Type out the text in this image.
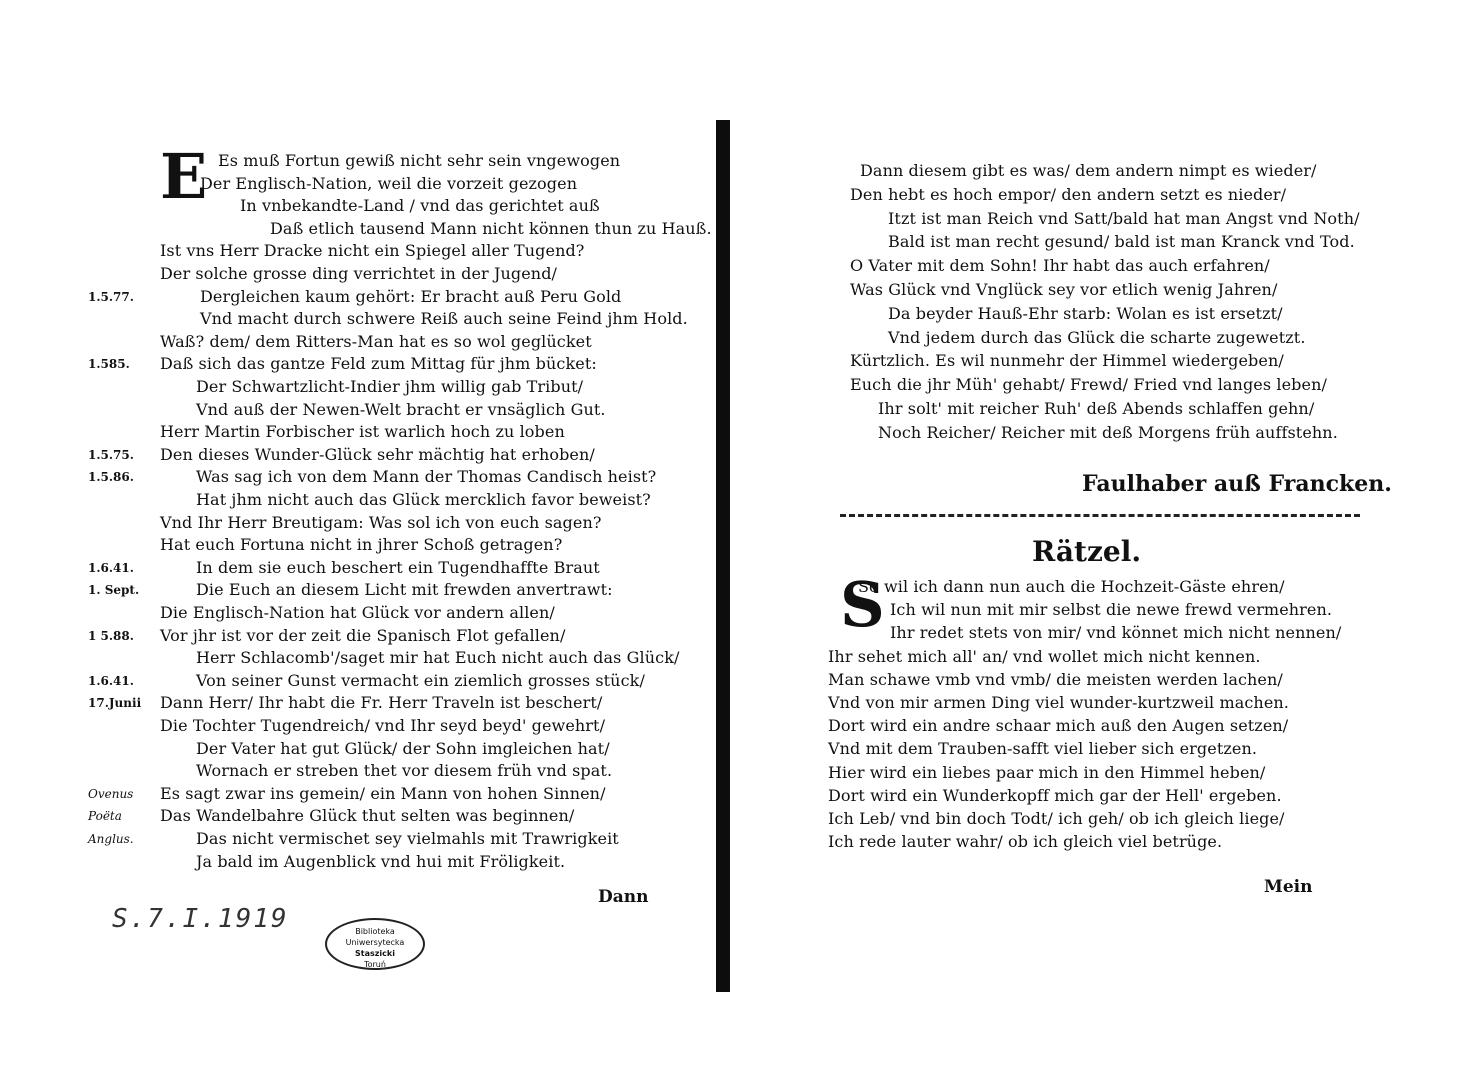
E Es muß Fortun gewiß nicht sehr sein vngewogen
Der Englisch-Nation, weil die vorzeit gezogen
In vnbekandte-Land / vnd das gerichtet auß
Daß etlich tausend Mann nicht können thun zu Hauß.
Ist vns Herr Dracke nicht ein Spiegel aller Tugend?
Der solche grosse ding verrichtet in der Jugend/
Dergleichen kaum gehört: Er bracht auß Peru Gold
1.5.77.
Vnd macht durch schwere Reiß auch seine Feind jhm Hold.
Waß? dem/ dem Ritters-Man hat es so wol geglücket
Daß sich das gantze Feld zum Mittag für jhm bücket:
1.585.
Der Schwartzlicht-Indier jhm willig gab Tribut/
Vnd auß der Newen-Welt bracht er vnsäglich Gut.
Herr Martin Forbischer ist warlich hoch zu loben
Den dieses Wunder-Glück sehr mächtig hat erhoben/
1.5.75.
Was sag ich von dem Mann der Thomas Candisch heist?
1.5.86.
Hat jhm nicht auch das Glück mercklich favor beweist?
Vnd Ihr Herr Breutigam: Was sol ich von euch sagen?
Hat euch Fortuna nicht in jhrer Schoß getragen?
In dem sie euch beschert ein Tugendhaffte Braut
1.6.41.
Die Euch an diesem Licht mit frewden anvertrawt:
1. Sept.
Die Englisch-Nation hat Glück vor andern allen/
Vor jhr ist vor der zeit die Spanisch Flot gefallen/
1 5.88.
Herr Schlacomb'/saget mir hat Euch nicht auch das Glück/
Von seiner Gunst vermacht ein ziemlich grosses stück/
1.6.41.
Dann Herr/ Ihr habt die Fr. Herr Traveln ist beschert/
17.Junii
Die Tochter Tugendreich/ vnd Ihr seyd beyd' gewehrt/
Der Vater hat gut Glück/ der Sohn imgleichen hat/
Wornach er streben thet vor diesem früh vnd spat.
Es sagt zwar ins gemein/ ein Mann von hohen Sinnen/
Ovenus
Das Wandelbahre Glück thut selten was beginnen/
Poëta
Das nicht vermischet sey vielmahls mit Trawrigkeit
Anglus.
Ja bald im Augenblick vnd hui mit Fröligkeit.
Dann
S.7.I.1919	Biblioteka Uniwersytecka
Staszicki
Toruń
Dann diesem gibt es was/ dem andern nimpt es wieder/
Den hebt es hoch empor/ den andern setzt es nieder/
Itzt ist man Reich vnd Satt/bald hat man Angst vnd Noth/
Bald ist man recht gesund/ bald ist man Kranck vnd Tod.
O Vater mit dem Sohn! Ihr habt das auch erfahren/
Was Glück vnd Vnglück sey vor etlich wenig Jahren/
Da beyder Hauß-Ehr starb: Wolan es ist ersetzt/
Vnd jedem durch das Glück die scharte zugewetzt.
Kürtzlich. Es wil nunmehr der Himmel wiedergeben/
Euch die jhr Müh' gehabt/ Frewd/ Fried vnd langes leben/
Ihr solt' mit reicher Ruh' deß Abends schlaffen gehn/
Noch Reicher/ Reicher mit deß Morgens früh auffstehn.
Faulhaber auß Francken.
Rätzel.
S
So wil ich dann nun auch die Hochzeit-Gäste ehren/
Ich wil nun mit mir selbst die newe frewd vermehren.
Ihr redet stets von mir/ vnd könnet mich nicht nennen/
Ihr sehet mich all' an/ vnd wollet mich nicht kennen.
Man schawe vmb vnd vmb/ die meisten werden lachen/
Vnd von mir armen Ding viel wunder-kurtzweil machen.
Dort wird ein andre schaar mich auß den Augen setzen/
Vnd mit dem Trauben-safft viel lieber sich ergetzen.
Hier wird ein liebes paar mich in den Himmel heben/
Dort wird ein Wunderkopff mich gar der Hell' ergeben.
Ich Leb/ vnd bin doch Todt/ ich geh/ ob ich gleich liege/
Ich rede lauter wahr/ ob ich gleich viel betrüge.
Mein
